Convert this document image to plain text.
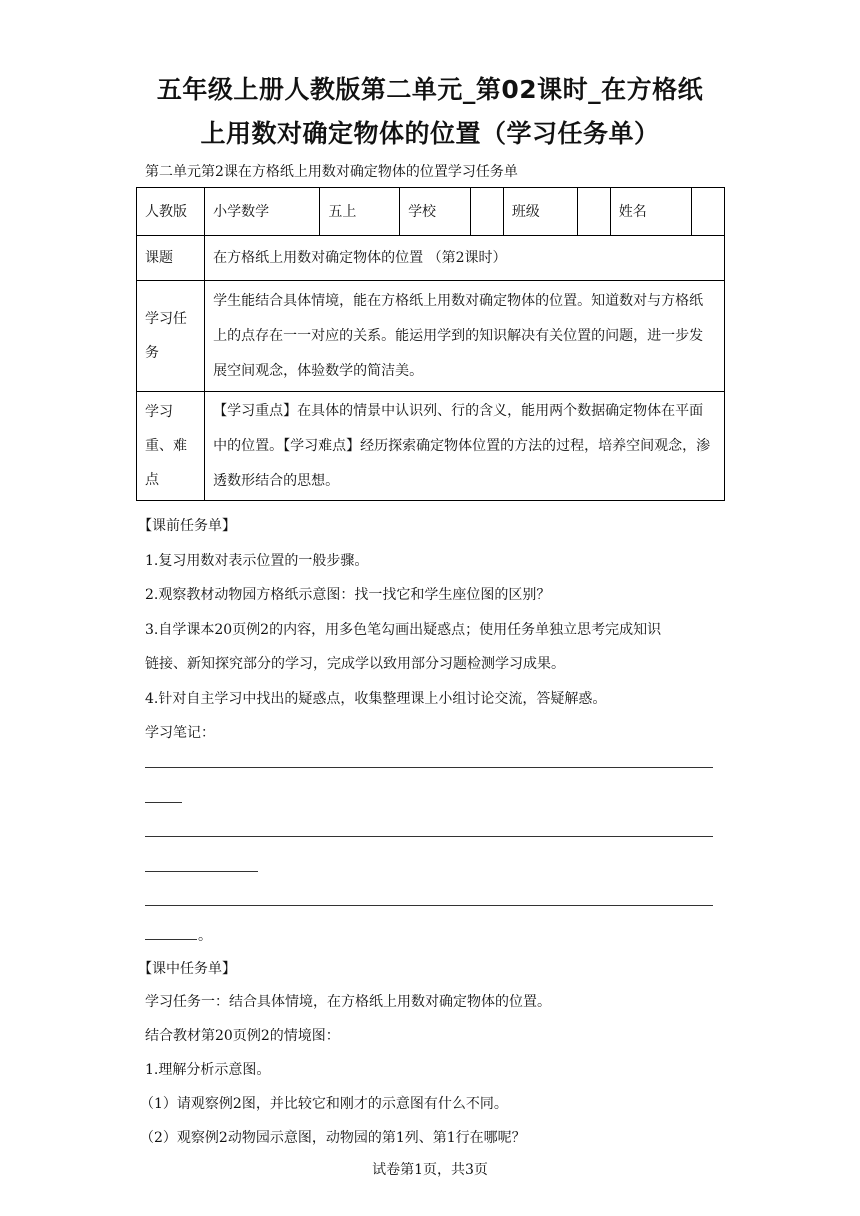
五年级上册人教版第二单元_第02课时_在方格纸
上用数对确定物体的位置（学习任务单）
第二单元第2课在方格纸上用数对确定物体的位置学习任务单
人教版	小学数学	五上	学校		班级		姓名	
课题	在方格纸上用数对确定物体的位置 （第2课时）							
学习任务	学生能结合具体情境，能在方格纸上用数对确定物体的位置。知道数对与方格纸上的点存在一一对应的关系。能运用学到的知识解决有关位置的问题，进一步发展空间观念，体验数学的简洁美。							
学习重、难点	【学习重点】在具体的情景中认识列、行的含义，能用两个数据确定物体在平面中的位置。【学习难点】经历探索确定物体位置的方法的过程，培养空间观念，渗透数形结合的思想。							
【课前任务单】
1.复习用数对表示位置的一般步骤。
2.观察教材动物园方格纸示意图：找一找它和学生座位图的区别？
3.自学课本20页例2的内容，用多色笔勾画出疑惑点；使用任务单独立思考完成知识
链接、新知探究部分的学习，完成学以致用部分习题检测学习成果。
4.针对自主学习中找出的疑惑点，收集整理课上小组讨论交流，答疑解惑。
学习笔记：
。
【课中任务单】
学习任务一：结合具体情境，在方格纸上用数对确定物体的位置。
结合教材第20页例2的情境图：
1.理解分析示意图。
（1）请观察例2图，并比较它和刚才的示意图有什么不同。
（2）观察例2动物园示意图，动物园的第1列、第1行在哪呢？
试卷第1页，共3页
